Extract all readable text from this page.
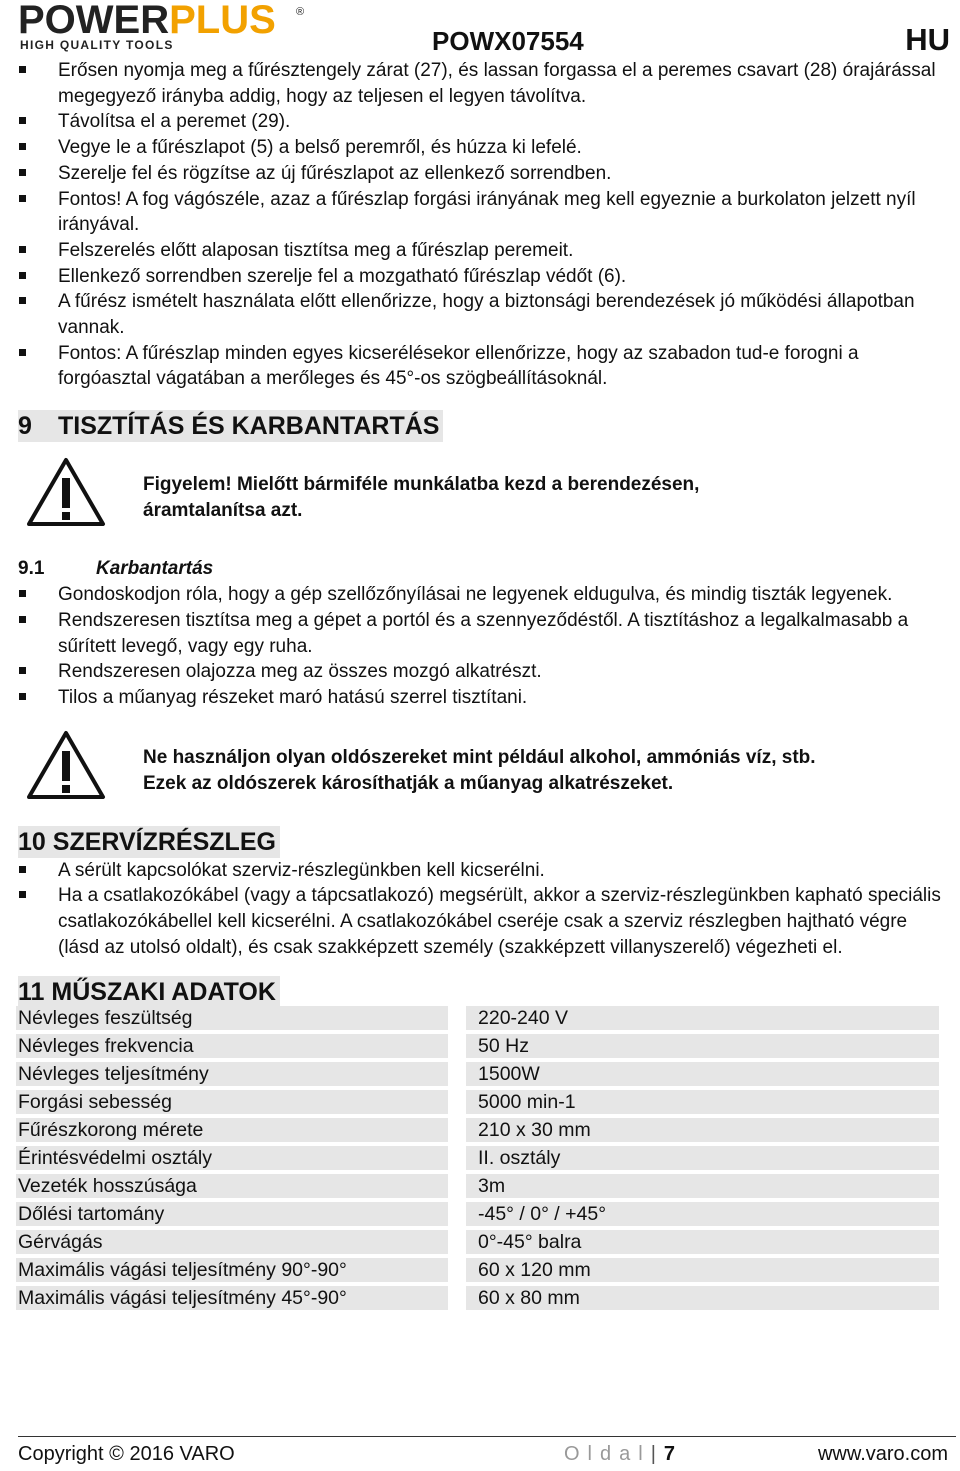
POWERPLUS ®
HIGH QUALITY TOOLS	POWX07554	HU
Erősen nyomja meg a fűrésztengely zárat (27), és lassan forgassa el a peremes csavart (28) órajárással megegyező irányba addig, hogy az teljesen el legyen távolítva.
Távolítsa el a peremet (29).
Vegye le a fűrészlapot (5) a belső peremről, és húzza ki lefelé.
Szerelje fel és rögzítse az új fűrészlapot az ellenkező sorrendben.
Fontos! A fog vágószéle, azaz a fűrészlap forgási irányának meg kell egyeznie a burkolaton jelzett nyíl irányával.
Felszerelés előtt alaposan tisztítsa meg a fűrészlap peremeit.
Ellenkező sorrendben szerelje fel a mozgatható fűrészlap védőt (6).
A fűrész ismételt használata előtt ellenőrizze, hogy a biztonsági berendezések jó működési állapotban vannak.
Fontos: A fűrészlap minden egyes kicserélésekor ellenőrizze, hogy az szabadon tud-e forogni a forgóasztal vágatában a merőleges és 45°-os szögbeállításoknál.
9 TISZTÍTÁS ÉS KARBANTARTÁS
Figyelem! Mielőtt bármiféle munkálatba kezd a berendezésen,
áramtalanítsa azt.
9.1	Karbantartás
Gondoskodjon róla, hogy a gép szellőzőnyílásai ne legyenek eldugulva, és mindig tiszták legyenek.
Rendszeresen tisztítsa meg a gépet a portól és a szennyeződéstől. A tisztításhoz a legalkalmasabb a sűrített levegő, vagy egy ruha.
Rendszeresen olajozza meg az összes mozgó alkatrészt.
Tilos a műanyag részeket maró hatású szerrel tisztítani.
Ne használjon olyan oldószereket mint például alkohol, ammóniás víz, stb.
Ezek az oldószerek károsíthatják a műanyag alkatrészeket.
10 SZERVÍZRÉSZLEG
A sérült kapcsolókat szerviz-részlegünkben kell kicserélni.
Ha a csatlakozókábel (vagy a tápcsatlakozó) megsérült, akkor a szerviz-részlegünkben kapható speciális csatlakozókábellel kell kicserélni. A csatlakozókábel cseréje csak a szerviz részlegben hajtható végre (lásd az utolsó oldalt), és csak szakképzett személy (szakképzett villanyszerelő) végezheti el.
11 MŰSZAKI ADATOK
Névleges feszültség		220-240 V
Névleges frekvencia		50 Hz
Névleges teljesítmény		1500W
Forgási sebesség		5000 min-1
Fűrészkorong mérete		210 x 30 mm
Érintésvédelmi osztály		II. osztály
Vezeték hosszúsága		3m
Dőlési tartomány		-45° / 0° / +45°
Gérvágás		0°-45° balra
Maximális vágási teljesítmény 90°-90°		60 x 120 mm
Maximális vágási teljesítmény 45°-90°		60 x 80 mm
Copyright © 2016 VARO	Oldal| 7	www.varo.com
